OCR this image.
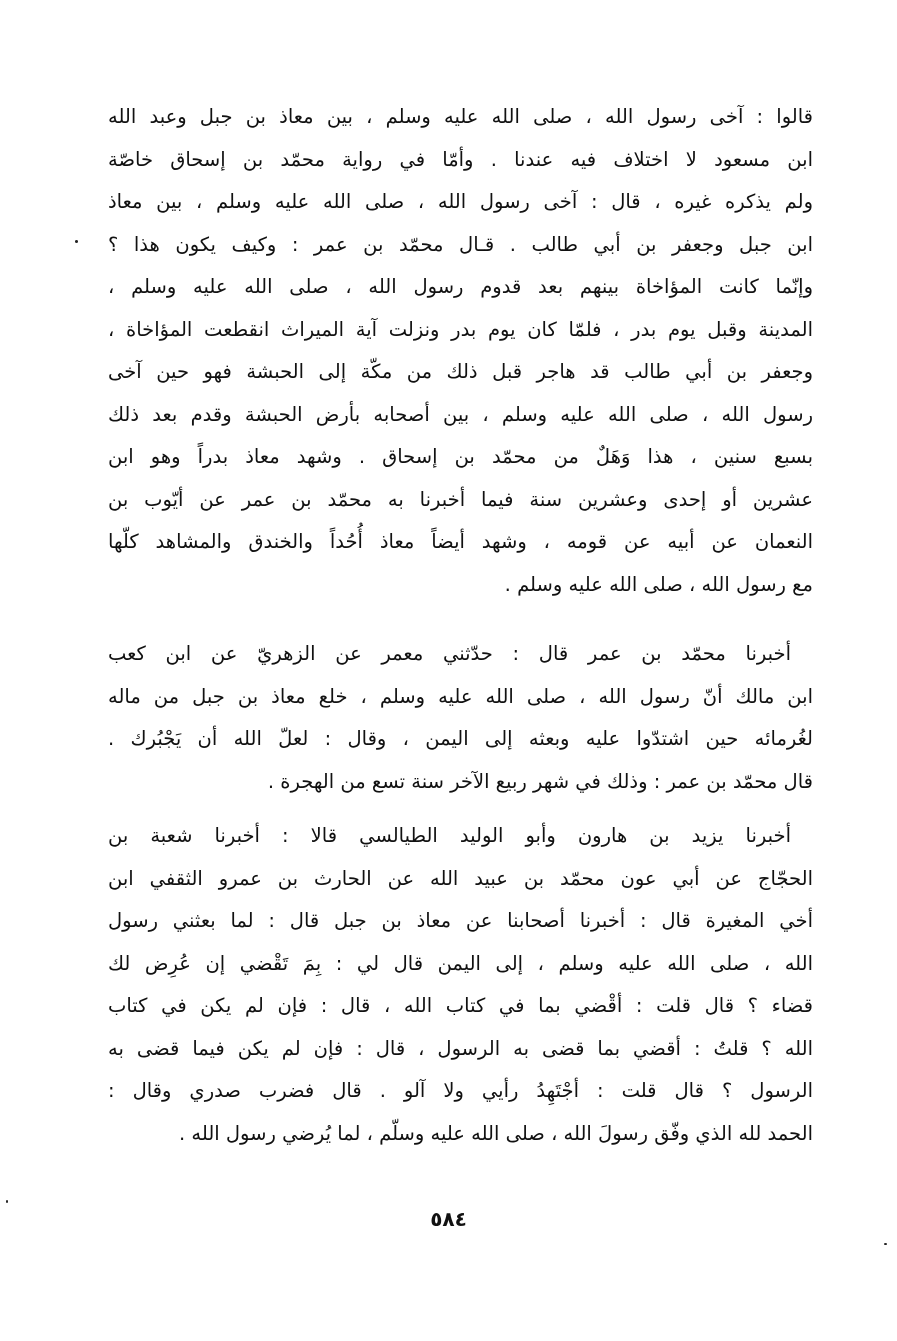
قالوا : آخى رسول الله ، صلى الله عليه وسلم ، بين معاذ بن جبل وعبد الله
ابن مسعود لا اختلاف فيه عندنا . وأمّا في رواية محمّد بن إسحاق خاصّة
ولم يذكره غيره ، قال : آخى رسول الله ، صلى الله عليه وسلم ، بين معاذ
ابن جبل وجعفر بن أبي طالب . قـال محمّد بن عمر : وكيف يكون هذا ؟
وإنّما كانت المؤاخاة بينهم بعد قدوم رسول الله ، صلى الله عليه وسلم ،
المدينة وقبل يوم بدر ، فلمّا كان يوم بدر ونزلت آية الميراث انقطعت المؤاخاة ،
وجعفر بن أبي طالب قد هاجر قبل ذلك من مكّة إلى الحبشة فهو حين آخى
رسول الله ، صلى الله عليه وسلم ، بين أصحابه بأرض الحبشة وقدم بعد ذلك
بسبع سنين ، هذا وَهَلٌ من محمّد بن إسحاق . وشهد معاذ بدراً وهو ابن
عشرين أو إحدى وعشرين سنة فيما أخبرنا به محمّد بن عمر عن أيّوب بن
النعمان عن أبيه عن قومه ، وشهد أيضاً معاذ أُحُداً والخندق والمشاهد كلّها
مع رسول الله ، صلى الله عليه وسلم .
أخبرنا محمّد بن عمر قال : حدّثني معمر عن الزهريّ عن ابن كعب
ابن مالك أنّ رسول الله ، صلى الله عليه وسلم ، خلع معاذ بن جبل من ماله
لغُرمائه حين اشتدّوا عليه وبعثه إلى اليمن ، وقال : لعلّ الله أن يَجْبُرك .
قال محمّد بن عمر : وذلك في شهر ربيع الآخر سنة تسع من الهجرة .
أخبرنا يزيد بن هارون وأبو الوليد الطيالسي قالا : أخبرنا شعبة بن
الحجّاج عن أبي عون محمّد بن عبيد الله عن الحارث بن عمرو الثقفي ابن
أخي المغيرة قال : أخبرنا أصحابنا عن معاذ بن جبل قال : لما بعثني رسول
الله ، صلى الله عليه وسلم ، إلى اليمن قال لي : بِمَ تَقْضي إن عُرِض لك
قضاء ؟ قال قلت : أقْضي بما في كتاب الله ، قال : فإن لم يكن في كتاب
الله ؟ قلتُ : أقضي بما قضى به الرسول ، قال : فإن لم يكن فيما قضى به
الرسول ؟ قال قلت : أجْتَهِدُ رأيي ولا آلو . قال فضرب صدري وقال :
الحمد لله الذي وفّق رسولَ الله ، صلى الله عليه وسلّم ، لما يُرضي رسول الله .
٥٨٤
